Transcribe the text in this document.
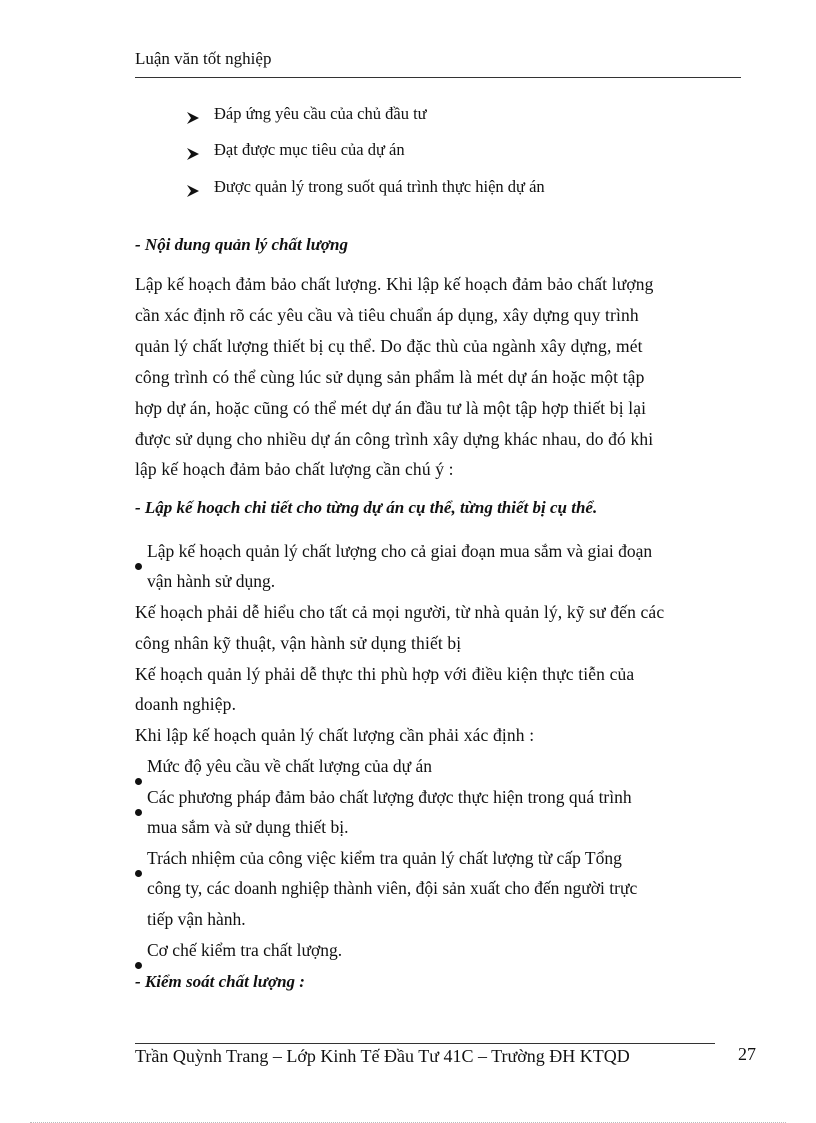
Luận văn tốt nghiệp
Đáp ứng yêu cầu của chủ đầu tư
Đạt được mục tiêu của dự án
Được quản lý trong suốt quá trình thực hiện dự án
- Nội dung quản lý chất lượng
Lập kế hoạch đảm bảo chất lượng. Khi lập kế hoạch đảm bảo chất lượng
cần xác định rõ các yêu cầu và tiêu chuẩn áp dụng, xây dựng quy trình
quản lý chất lượng thiết bị cụ thể. Do đặc thù của ngành xây dựng, mét
công trình có thể cùng lúc sử dụng sản phẩm là mét dự án hoặc một tập
hợp dự án, hoặc cũng có thể mét dự án đầu tư là một tập hợp thiết bị lại
được sử dụng cho nhiều dự án công trình xây dựng khác nhau, do đó khi
lập kế hoạch đảm bảo chất lượng cần chú ý :
- Lập kế hoạch chi tiết cho từng dự án cụ thể, từng thiết bị cụ thể.
Lập kế hoạch quản lý chất lượng cho cả giai đoạn mua sắm và giai đoạn
vận hành sử dụng.
Kế hoạch phải dễ hiểu cho tất cả mọi người, từ nhà quản lý, kỹ sư đến các
công nhân kỹ thuật, vận hành sử dụng thiết bị
Kế hoạch quản lý phải dễ thực thi phù hợp với điều kiện thực tiễn của
doanh nghiệp.
Khi lập kế hoạch quản lý chất lượng cần phải xác định :
Mức độ yêu cầu về chất lượng của dự án
Các phương pháp đảm bảo chất lượng được thực hiện trong quá trình
mua sắm và sử dụng thiết bị.
Trách nhiệm của công việc kiểm tra quản lý chất lượng từ cấp Tổng
công ty, các doanh nghiệp thành viên, đội sản xuất cho đến người trực
tiếp vận hành.
Cơ chế kiểm tra chất lượng.
- Kiểm soát chất lượng :
Trần Quỳnh Trang – Lớp Kinh Tế Đầu Tư 41C – Trường ĐH KTQD	27
